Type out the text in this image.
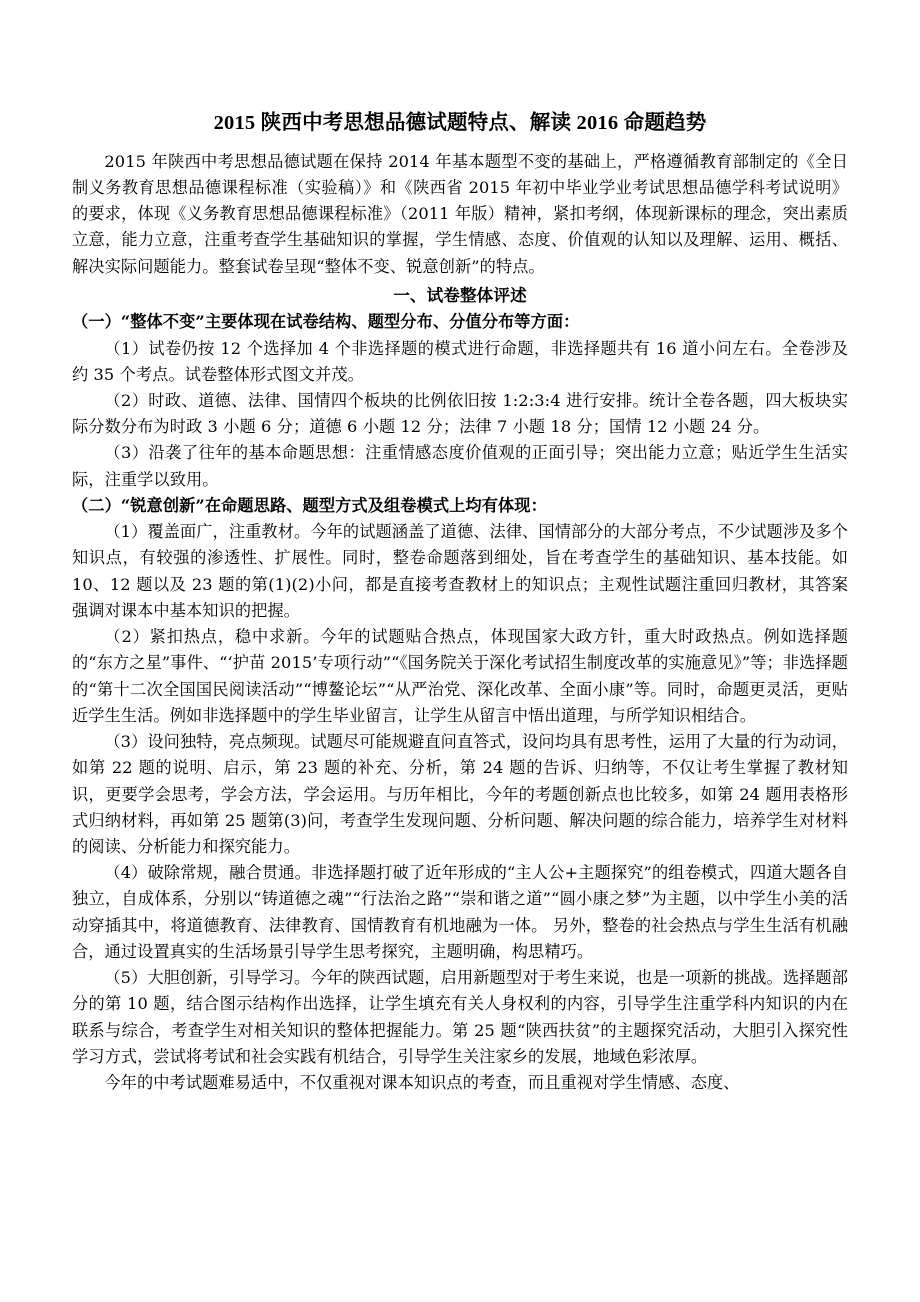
2015 陕西中考思想品德试题特点、解读 2016 命题趋势

2015 年陕西中考思想品德试题在保持 2014 年基本题型不变的基础上，严格遵循教育部制定的《全日制义务教育思想品德课程标准（实验稿）》和《陕西省 2015 年初中毕业学业考试思想品德学科考试说明》的要求，体现《义务教育思想品德课程标准》（2011 年版）精神，紧扣考纲，体现新课标的理念，突出素质立意，能力立意，注重考查学生基础知识的掌握，学生情感、态度、价值观的认知以及理解、运用、概括、解决实际问题能力。整套试卷呈现“整体不变、锐意创新”的特点。

一、试卷整体评述

（一）“整体不变”主要体现在试卷结构、题型分布、分值分布等方面：

（1）试卷仍按 12 个选择加 4 个非选择题的模式进行命题，非选择题共有 16 道小问左右。全卷涉及约 35 个考点。试卷整体形式图文并茂。

（2）时政、道德、法律、国情四个板块的比例依旧按 1:2:3:4 进行安排。统计全卷各题，四大板块实际分数分布为时政 3 小题 6 分；道德 6 小题 12 分；法律 7 小题 18 分；国情 12 小题 24 分。

（3）沿袭了往年的基本命题思想：注重情感态度价值观的正面引导；突出能力立意；贴近学生生活实际，注重学以致用。

（二）“锐意创新”在命题思路、题型方式及组卷模式上均有体现：

（1）覆盖面广，注重教材。今年的试题涵盖了道德、法律、国情部分的大部分考点，不少试题涉及多个知识点，有较强的渗透性、扩展性。同时，整卷命题落到细处，旨在考查学生的基础知识、基本技能。如 10、12 题以及 23 题的第(1)(2)小问，都是直接考查教材上的知识点；主观性试题注重回归教材，其答案强调对课本中基本知识的把握。

（2）紧扣热点，稳中求新。今年的试题贴合热点，体现国家大政方针，重大时政热点。例如选择题的“东方之星”事件、“‘护苗 2015’专项行动”“《国务院关于深化考试招生制度改革的实施意见》”等；非选择题的“第十二次全国国民阅读活动”“博鳌论坛”“从严治党、深化改革、全面小康”等。同时，命题更灵活，更贴近学生生活。例如非选择题中的学生毕业留言，让学生从留言中悟出道理，与所学知识相结合。

（3）设问独特，亮点频现。试题尽可能规避直问直答式，设问均具有思考性，运用了大量的行为动词，如第 22 题的说明、启示，第 23 题的补充、分析，第 24 题的告诉、归纳等，不仅让考生掌握了教材知识，更要学会思考，学会方法，学会运用。与历年相比，今年的考题创新点也比较多，如第 24 题用表格形式归纳材料，再如第 25 题第(3)问，考查学生发现问题、分析问题、解决问题的综合能力，培养学生对材料的阅读、分析能力和探究能力。

（4）破除常规，融合贯通。非选择题打破了近年形成的“主人公+主题探究”的组卷模式，四道大题各自独立，自成体系，分别以“铸道德之魂”“行法治之路”“崇和谐之道”“圆小康之梦”为主题，以中学生小美的活动穿插其中，将道德教育、法律教育、国情教育有机地融为一体。 另外，整卷的社会热点与学生生活有机融合，通过设置真实的生活场景引导学生思考探究，主题明确，构思精巧。

（5）大胆创新，引导学习。今年的陕西试题，启用新题型对于考生来说，也是一项新的挑战。选择题部分的第 10 题，结合图示结构作出选择，让学生填充有关人身权利的内容，引导学生注重学科内知识的内在联系与综合，考查学生对相关知识的整体把握能力。第 25 题“陕西扶贫”的主题探究活动，大胆引入探究性学习方式，尝试将考试和社会实践有机结合，引导学生关注家乡的发展，地域色彩浓厚。

今年的中考试题难易适中，不仅重视对课本知识点的考查，而且重视对学生情感、态度、
